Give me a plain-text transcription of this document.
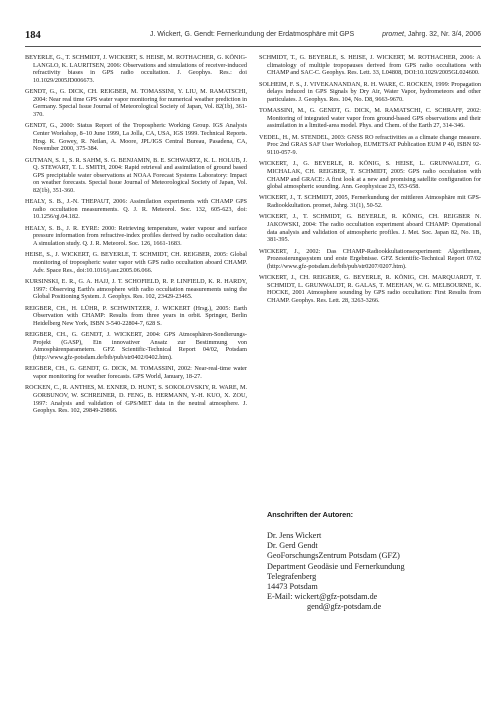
184	J. Wickert, G. Gendt: Fernerkundung der Erdatmosphäre mit GPS    	promet, Jahrg. 32, Nr. 3/4, 2006

BEYERLE, G., T. SCHMIDT, J. WICKERT, S. HEISE, M. ROTHACHER, G. KÖNIG-LANGLO, K. LAURITSEN, 2006: Observations and simulations of receiver-induced refractivity biases in GPS radio occultation. J. Geophys. Res.: doi 10.1029/2005JD006673.

GENDT, G., G. DICK, CH. REIGBER, M. TOMASSINI, Y. LIU, M. RAMATSCHI, 2004: Near real time GPS water vapor monitoring for numerical weather prediction in Germany. Special Issue Journal of Meteorological Society of Japan, Vol. 82(1b), 361-370.

GENDT, G., 2000: Status Report of the Tropospheric Working Group. IGS Analysis Center Workshop, 8–10 June 1999, La Jolla, CA, USA, IGS 1999. Technical Reports. Hrsg. K. Gowey, R. Neilan, A. Moore, JPL/IGS Central Bureau, Pasadena, CA, November 2000, 375-384.

GUTMAN, S. I., S. R. SAHM, S. G. BENJAMIN, B. E. SCHWARTZ, K. L. HOLUB, J. Q. STEWART, T. L. SMITH, 2004: Rapid retrieval and assimilation of ground based GPS precipitable water observations at NOAA Forecast Systems Laboratory: Impact on weather forecasts. Special Issue Journal of Meteorological Society of Japan, Vol. 82(1b), 351-360.

HEALY, S. B., J.-N. THEPAUT, 2006: Assimilation experiments with CHAMP GPS radio occultation measurements. Q. J. R. Meteorol. Soc. 132, 605-623, doi: 10.1256/qj.04.182.

HEALY, S. B., J. R. EYRE: 2000: Retrieving temperature, water vapour and surface pressure information from refractive-index profiles derived by radio occultation data: A simulation study. Q. J. R. Meteorol. Soc. 126, 1661-1683.

HEISE, S., J. WICKERT, G. BEYERLE, T. SCHMIDT, CH. REIGBER, 2005: Global monitoring of tropospheric water vapor with GPS radio occultation aboard CHAMP. Adv. Space Res., doi:10.1016/j.asr.2005.06.066.

KURSINSKI, E. R., G. A. HAJJ, J. T. SCHOFIELD, R. P. LINFIELD, K. R. HARDY, 1997: Observing Earth's atmosphere with radio occultation measurements using the Global Positioning System. J. Geophys. Res. 102, 23429-23465.

REIGBER, CH., H. LÜHR, P. SCHWINTZER, J. WICKERT (Hrsg.), 2005: Earth Observation with CHAMP: Results from three years in orbit. Springer, Berlin Heidelberg New York, ISBN 3-540-22804-7, 628 S.

REIGBER, CH., G. GENDT, J. WICKERT, 2004: GPS Atmosphären-Sondierungs-Projekt (GASP), Ein innovativer Ansatz zur Bestimmung von Atmosphärenparametern. GFZ Scientific-Technical Report 04/02, Potsdam (http://www.gfz-potsdam.de/bib/pub/str0402/0402.htm).

REIGBER, CH., G. GENDT, G. DICK, M. TOMASSINI, 2002: Near-real-time water vapor monitoring for weather forecasts. GPS World, January, 18-27.

ROCKEN, C., R. ANTHES, M. EXNER, D. HUNT, S. SOKOLOVSKIY, R. WARE, M. GORBUNOV, W. SCHREINER, D. FENG, B. HERMANN, Y.-H. KUO, X. ZOU, 1997: Analysis and validation of GPS/MET data in the neutral atmosphere. J. Geophys. Res. 102, 29849-29866.

SCHMIDT, T., G. BEYERLE, S. HEISE, J. WICKERT, M. ROTHACHER, 2006: A climatology of multiple tropopauses derived from GPS radio occultations with CHAMP and SAC-C. Geophys. Res. Lett. 33, L04808, DOI:10.1029/2005GL024600.

SOLHEIM, F. S., J. VIVEKANANDAN, R. H. WARE, C. ROCKEN, 1999: Propagation delays induced in GPS Signals by Dry Air, Water Vapor, hydrometeors and other particulates. J. Geophys. Res. 104, No. D8, 9663-9670.

TOMASSINI, M., G. GENDT, G. DICK, M. RAMATSCHI, C. SCHRAFF, 2002: Monitoring of integrated water vapor from ground-based GPS observations and their assimilation in a limited-area model. Phys. and Chem. of the Earth 27, 314-346.

VEDEL, H., M. STENDEL, 2003: GNSS RO refractivities as a climate change measure. Proc 2nd GRAS SAF User Workshop, EUMETSAT Publication EUM P 40, ISBN 92-9110-057-9.

WICKERT, J., G. BEYERLE, R. KÖNIG, S. HEISE, L. GRUNWALDT, G. MICHALAK, CH. REIGBER, T. SCHMIDT, 2005: GPS radio occultation with CHAMP and GRACE: A first look at a new and promising satellite configuration for global atmospheric sounding. Ann. Geophysicae 23, 653-658.

WICKERT, J., T. SCHMIDT, 2005, Fernerkundung der mittleren Atmosphäre mit GPS-Radiookkultation. promet, Jahrg. 31(1), 50-52.

WICKERT, J., T. SCHMIDT, G. BEYERLE, R. KÖNIG, CH. REIGBER N. JAKOWSKI, 2004: The radio occultation experiment aboard CHAMP: Operational data analysis and validation of atmospheric profiles. J. Met. Soc. Japan 82, No. 1B, 381-395.

WICKERT, J., 2002: Das CHAMP-Radiookkultationsexperiment: Algorithmen, Prozessierungssystem und erste Ergebnisse. GFZ Scientific-Technical Report 07/02 (http://www.gfz-potsdam.de/bib/pub/str0207/0207.htm).

WICKERT, J., CH. REIGBER, G. BEYERLE, R. KÖNIG, CH. MARQUARDT, T. SCHMIDT, L. GRUNWALDT, R. GALAS, T. MEEHAN, W. G. MELBOURNE, K. HOCKE, 2001 Atmosphere sounding by GPS radio occultation: First Results from CHAMP. Geophys. Res. Lett. 28, 3263-3266.

Anschriften der Autoren:

Dr. Jens Wickert
Dr. Gerd Gendt
GeoForschungsZentrum Potsdam (GFZ)
Department Geodäsie und Fernerkundung
Telegrafenberg
14473 Potsdam
E-Mail: wickert@gfz-potsdam.de
gend@gfz-potsdam.de
